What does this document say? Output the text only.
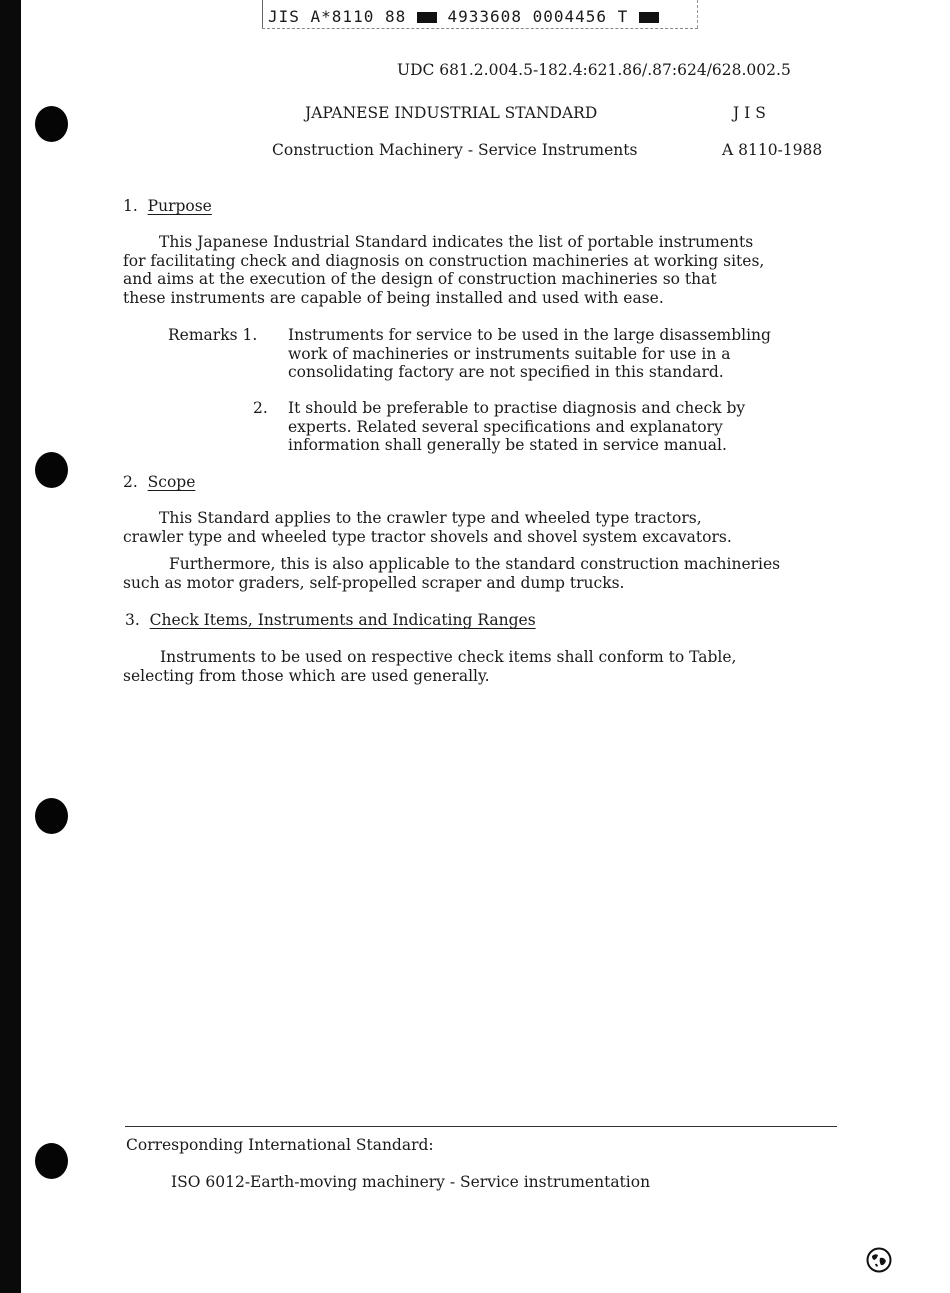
JIS A*8110 88	4933608 0004456 T
UDC 681.2.004.5-182.4:621.86/.87:624/628.002.5
JAPANESE INDUSTRIAL STANDARD	J I S
Construction Machinery - Service Instruments	A 8110-1988
1. Purpose
This Japanese Industrial Standard indicates the list of portable instruments
for facilitating check and diagnosis on construction machineries at working sites,
and aims at the execution of the design of construction machineries so that
these instruments are capable of being installed and used with ease.
Remarks 1. Instruments for service to be used in the large disassembling
work of machineries or instruments suitable for use in a
consolidating factory are not specified in this standard.
2. It should be preferable to practise diagnosis and check by
experts. Related several specifications and explanatory
information shall generally be stated in service manual.
2. Scope
This Standard applies to the crawler type and wheeled type tractors,
crawler type and wheeled type tractor shovels and shovel system excavators.
Furthermore, this is also applicable to the standard construction machineries
such as motor graders, self-propelled scraper and dump trucks.
3. Check Items, Instruments and Indicating Ranges
Instruments to be used on respective check items shall conform to Table,
selecting from those which are used generally.
Corresponding International Standard:
ISO 6012-Earth-moving machinery - Service instrumentation
